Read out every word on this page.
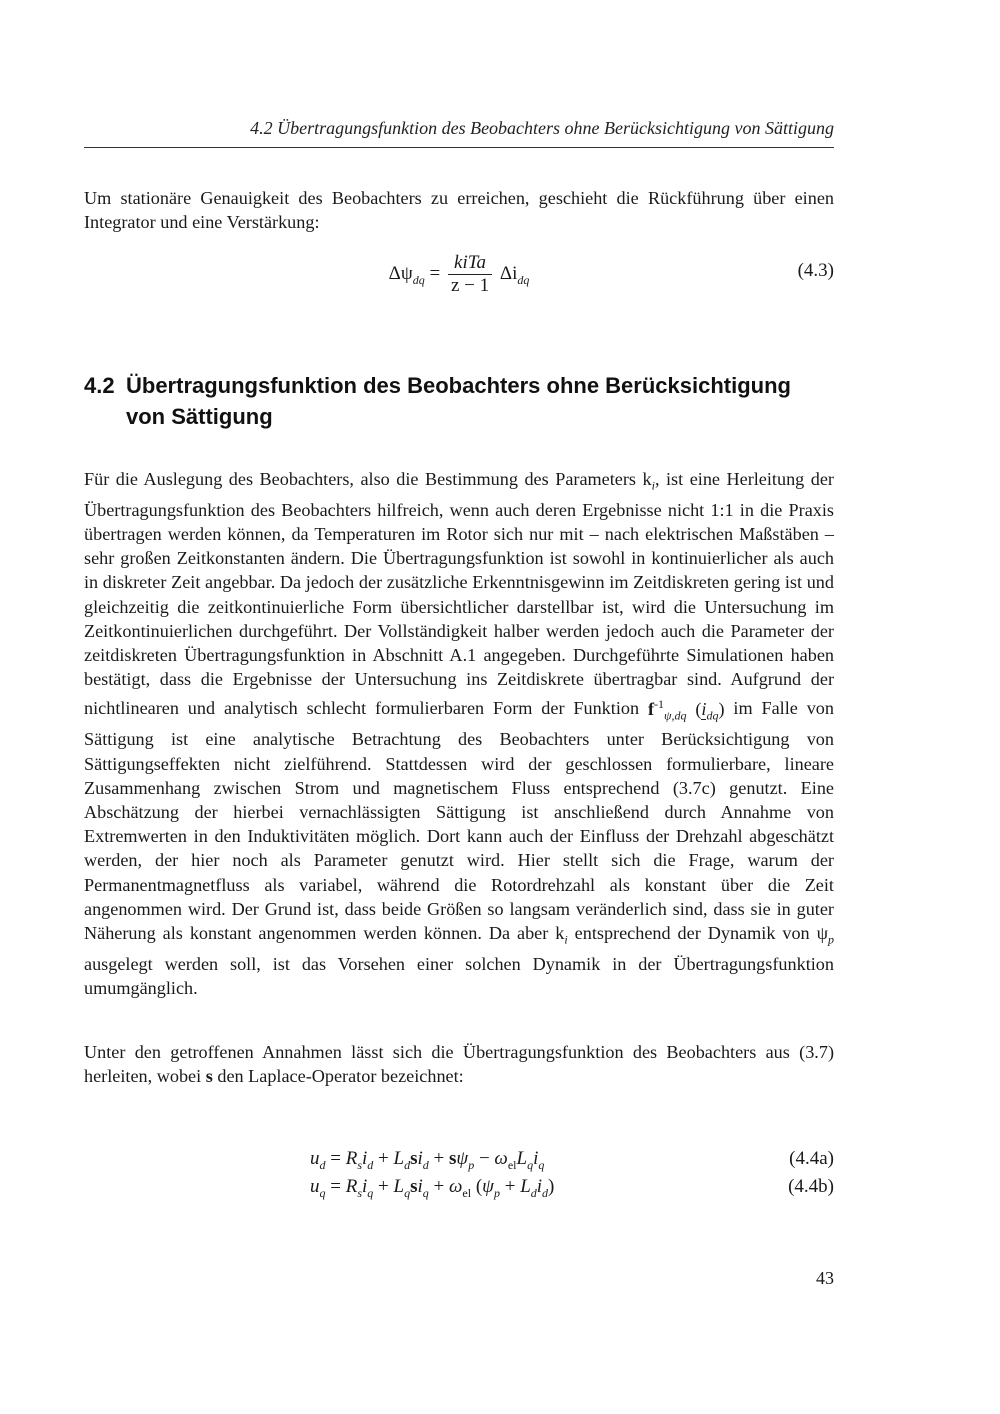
4.2 Übertragungsfunktion des Beobachters ohne Berücksichtigung von Sättigung

Um stationäre Genauigkeit des Beobachters zu erreichen, geschieht die Rückführung über einen Integrator und eine Verstärkung:

$\Delta\psi_{dq} = \frac{\text{kiTa}}{z - 1} \Delta i_{dq}$	(4.3)
4.2 Übertragungsfunktion des Beobachters ohne Berücksichtigung
von Sättigung

Für die Auslegung des Beobachters, also die Bestimmung des Parameters $k_i$, ist eine Herleitung der Übertragungsfunktion des Beobachters hilfreich, wenn auch deren Ergebnisse nicht 1:1 in die Praxis übertragen werden können, da Temperaturen im Rotor sich nur mit – nach elektrischen Maßstäben – sehr großen Zeitkonstanten ändern. Die Übertragungsfunktion ist sowohl in kontinuierlicher als auch in diskreter Zeit angebbar. Da jedoch der zusätzliche Erkenntnisgewinn im Zeitdiskreten gering ist und gleichzeitig die zeitkontinuierliche Form übersichtlicher darstellbar ist, wird die Untersuchung im Zeitkontinuierlichen durchgeführt. Der Vollständigkeit halber werden jedoch auch die Parameter der zeitdiskreten Übertragungsfunktion in Abschnitt A.1 angegeben. Durchgeführte Simulationen haben bestätigt, dass die Ergebnisse der Untersuchung ins Zeitdiskrete übertragbar sind. Aufgrund der nichtlinearen und analytisch schlecht formulierbaren Form der Funktion $f^{-1}_{\psi,dq}$ $(i_{dq})$ im Falle von Sättigung ist eine analytische Betrachtung des Beobachters unter Berücksichtigung von Sättigungseffekten nicht zielführend. Stattdessen wird der geschlossen formulierbare, lineare Zusammenhang zwischen Strom und magnetischem Fluss entsprechend (3.7c) genutzt. Eine Abschätzung der hierbei vernachlässigten Sättigung ist anschließend durch Annahme von Extremwerten in den Induktivitäten möglich. Dort kann auch der Einfluss der Drehzahl abgeschätzt werden, der hier noch als Parameter genutzt wird. Hier stellt sich die Frage, warum der Permanentmagnetfluss als variabel, während die Rotordrehzahl als konstant über die Zeit angenommen wird. Der Grund ist, dass beide Größen so langsam veränderlich sind, dass sie in guter Näherung als konstant angenommen werden können. Da aber $k_i$ entsprechend der Dynamik von $\psi_p$ ausgelegt werden soll, ist das Vorsehen einer solchen Dynamik in der Übertragungsfunktion umumgänglich.

Unter den getroffenen Annahmen lässt sich die Übertragungsfunktion des Beobachters aus (3.7) herleiten, wobei s den Laplace-Operator bezeichnet:

$u_d = R_si_d + L_dsi_d + s\psi_p - \omega_{el}L_qi_q$	(4.4a)
$u_q = R_si_q + L_qsi_q + \omega_{el}$ $(\psi_p + L_di_d)$	(4.4b)
43
